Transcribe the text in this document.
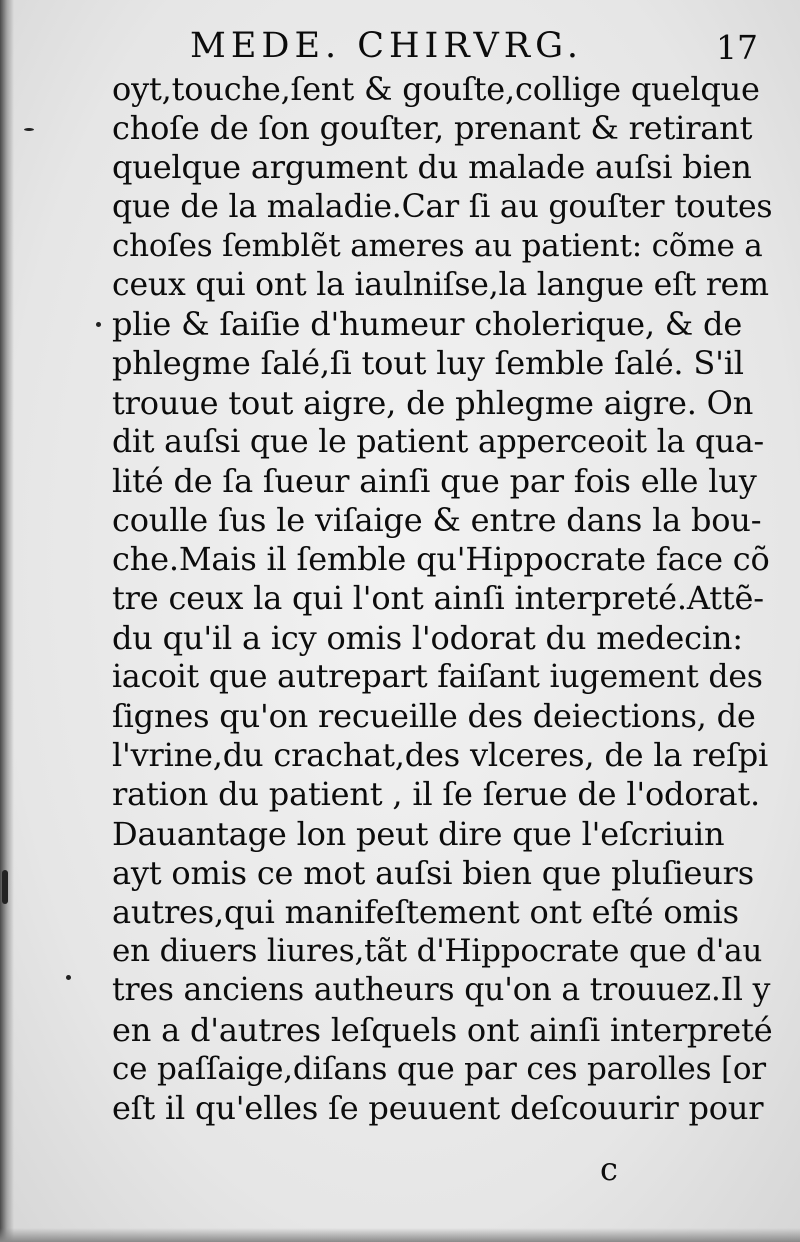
MEDE. CHIRVRG.	17
oyt,touche,ſent & gouſte,collige quelque
choſe de ſon gouſter, prenant & retirant
quelque argument du malade auſsi bien
que de la maladie.Car ſi au gouſter toutes
choſes ſemblẽt ameres au patient: cõme a
ceux qui ont la iaulniſse,la langue eſt rem
plie & ſaiſie d'humeur cholerique, & de
phlegme ſalé,ſi tout luy ſemble ſalé. S'il
trouue tout aigre, de phlegme aigre. On
dit auſsi que le patient apperceoit la qua-
lité de ſa ſueur ainſi que par fois elle luy
coulle ſus le viſaige & entre dans la bou-
che.Mais il ſemble qu'Hippocrate face cõ
tre ceux la qui l'ont ainſi interpreté.Attẽ-
du qu'il a icy omis l'odorat du medecin:
iacoit que autrepart faiſant iugement des
ſignes qu'on recueille des deiections, de
l'vrine,du crachat,des vlceres, de la reſpi
ration du patient , il ſe ſerue de l'odorat.
Dauantage lon peut dire que l'eſcriuin
ayt omis ce mot auſsi bien que pluſieurs
autres,qui manifeſtement ont eſté omis
en diuers liures,tãt d'Hippocrate que d'au
tres anciens autheurs qu'on a trouuez.Il y
en a d'autres leſquels ont ainſi interpreté
ce paſſaige,diſans que par ces parolles [or
eſt il qu'elles ſe peuuent deſcouurir pour
c
